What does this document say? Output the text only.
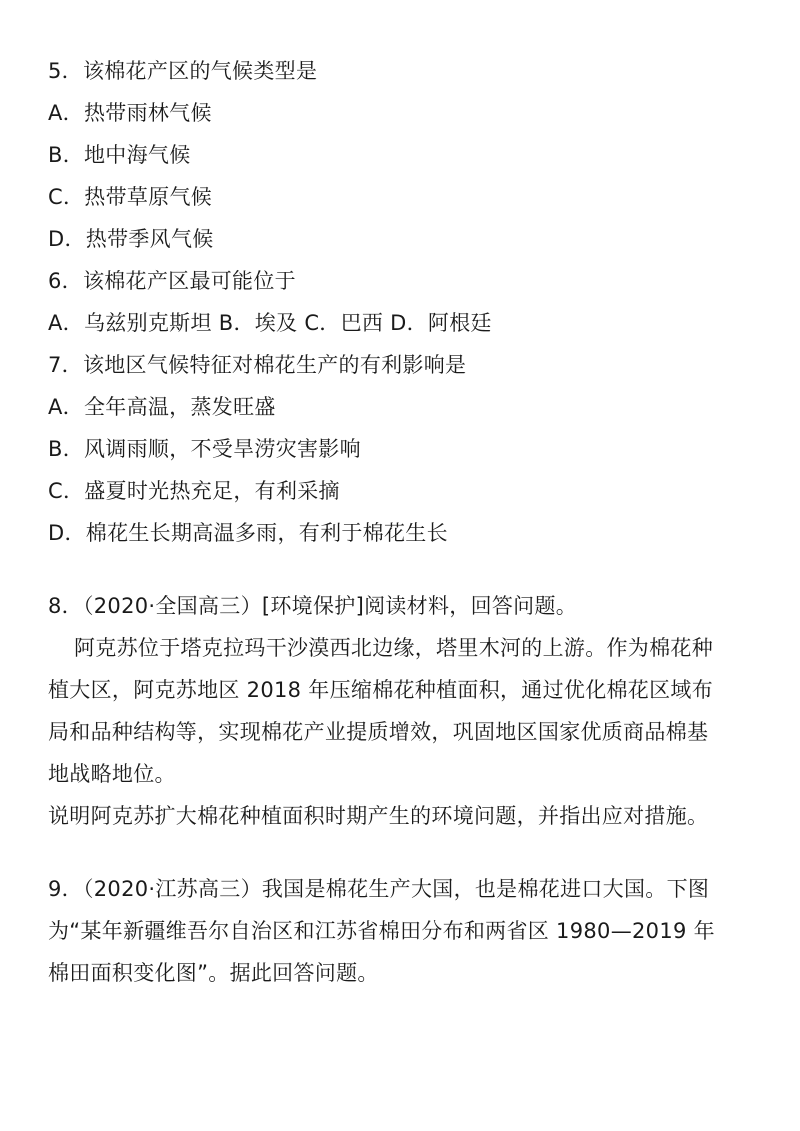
5．该棉花产区的气候类型是
A．热带雨林气候
B．地中海气候
C．热带草原气候
D．热带季风气候
6．该棉花产区最可能位于
A．乌兹别克斯坦 B．埃及 C．巴西 D．阿根廷
7．该地区气候特征对棉花生产的有利影响是
A．全年高温，蒸发旺盛
B．风调雨顺，不受旱涝灾害影响
C．盛夏时光热充足，有利采摘
D．棉花生长期高温多雨，有利于棉花生长
8．（2020·全国高三）[环境保护]阅读材料，回答问题。
阿克苏位于塔克拉玛干沙漠西北边缘，塔里木河的上游。作为棉花种
植大区，阿克苏地区 2018 年压缩棉花种植面积，通过优化棉花区域布
局和品种结构等，实现棉花产业提质增效，巩固地区国家优质商品棉基
地战略地位。
说明阿克苏扩大棉花种植面积时期产生的环境问题，并指出应对措施。
9．（2020·江苏高三）我国是棉花生产大国，也是棉花进口大国。下图
为“某年新疆维吾尔自治区和江苏省棉田分布和两省区 1980—2019 年
棉田面积变化图”。据此回答问题。
